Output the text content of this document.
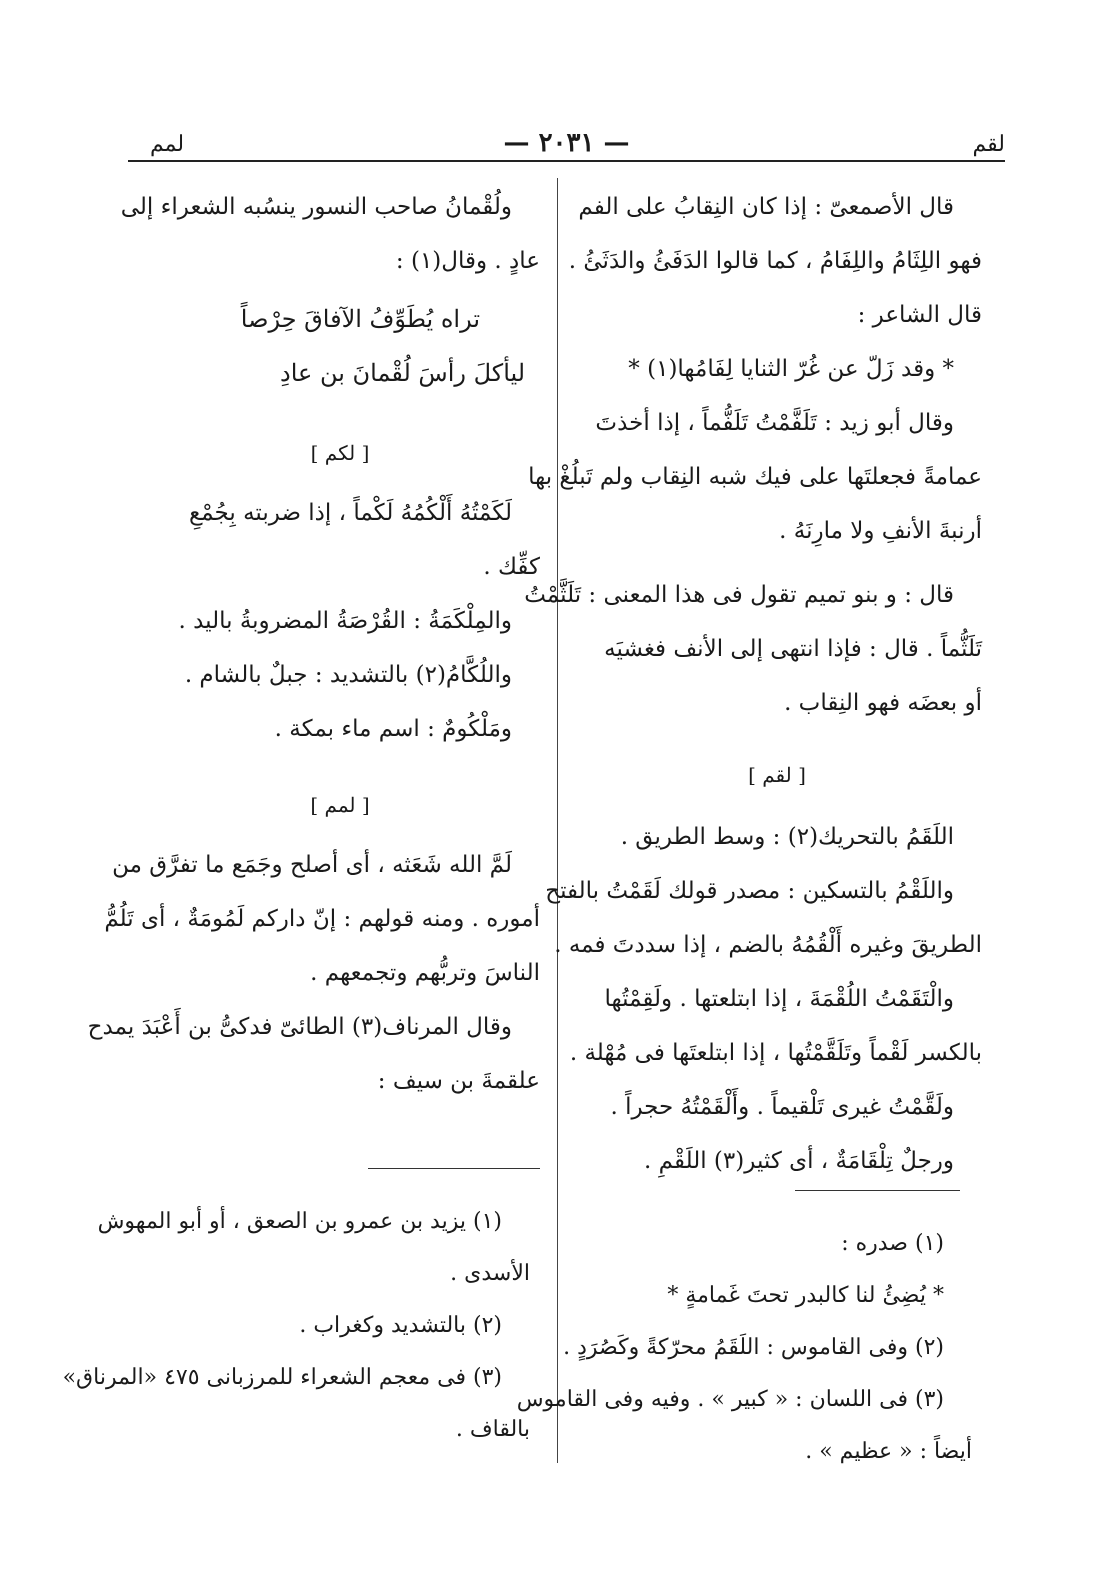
لقم
— ٢٠٣١ —
لمم

قال الأصمعىّ : إذا كان النِقابُ على الفم

فهو اللِثَامُ واللِفَامُ ، كما قالوا الدَفَئُ والدَثَئُ .

قال الشاعر :

* وقد زَلّ عن غُرّ الثنايا لِفَامُها(١) *

وقال أبو زيد : تَلَفَّمْتُ تَلَفُّماً ، إذا أخذتَ

عمامةً فجعلتَها على فيك شبه النِقاب ولم تَبلُغْ بها

أرنبةَ الأنفِ ولا مارِنَهُ .

قال : و بنو تميم تقول فى هذا المعنى : تَلَثَّمْتُ

تَلَثُّماً . قال : فإذا انتهى إلى الأنف فغشيَه

أو بعضَه فهو النِقاب .

[ لقم ]

اللَقَمُ بالتحريك(٢) : وسط الطريق .

واللَقْمُ بالتسكين : مصدر قولك لَقَمْتُ بالفتح

الطريقَ وغيره أَلْقُمُهُ بالضم ، إذا سددتَ فمه .

والْتَقَمْتُ اللُقْمَةَ ، إذا ابتلعتها . ولَقِمْتُها

بالكسر لَقْماً وتَلَقَّمْتُها ، إذا ابتلعتَها فى مُهْلة .

ولَقَّمْتُ غيرى تَلْقيماً . وأَلْقَمْتُهُ حجراً .

ورجلٌ تِلْقَامَةٌ ، أى كثير(٣) اللَقْمِ .

ولُقْمانُ صاحب النسور ينسُبه الشعراء إلى

عادٍ . وقال(١) :

تراه يُطَوِّفُ الآفاقَ حِرْصاً

ليأكلَ رأسَ لُقْمانَ بن عادِ

[ لكم ]

لَكَمْتُهُ أَلْكُمُهُ لَكْماً ، إذا ضربته بِجُمْعِ

كفِّك .

والمِلْكَمَةُ : القُرْصَةُ المضروبةُ باليد .

واللُكَّامُ(٢) بالتشديد : جبلٌ بالشام .

ومَلْكُومٌ : اسم ماء بمكة .

[ لمم ]

لَمَّ الله شَعَثه ، أى أصلح وجَمَع ما تفرَّق من

أموره . ومنه قولهم : إنّ داركم لَمُومَةٌ ، أى تَلُمُّ

الناسَ وتربُّهم وتجمعهم .

وقال المرناف(٣) الطائىّ فدكىُّ بن أَعْبَدَ يمدح

علقمةَ بن سيف :

(١) صدره :

* يُضِئُ لنا كالبدر تحتَ غَمامةٍ *

(٢) وفى القاموس : اللَقَمُ محرّكةً وكَصُرَدٍ .

(٣) فى اللسان : « كبير » . وفيه وفى القاموس

أيضاً : « عظيم » .

(١) يزيد بن عمرو بن الصعق ، أو أبو المهوش

الأسدى .

(٢) بالتشديد وكغراب .

(٣) فى معجم الشعراء للمرزبانى ٤٧٥ «المرناق»

بالقاف .
